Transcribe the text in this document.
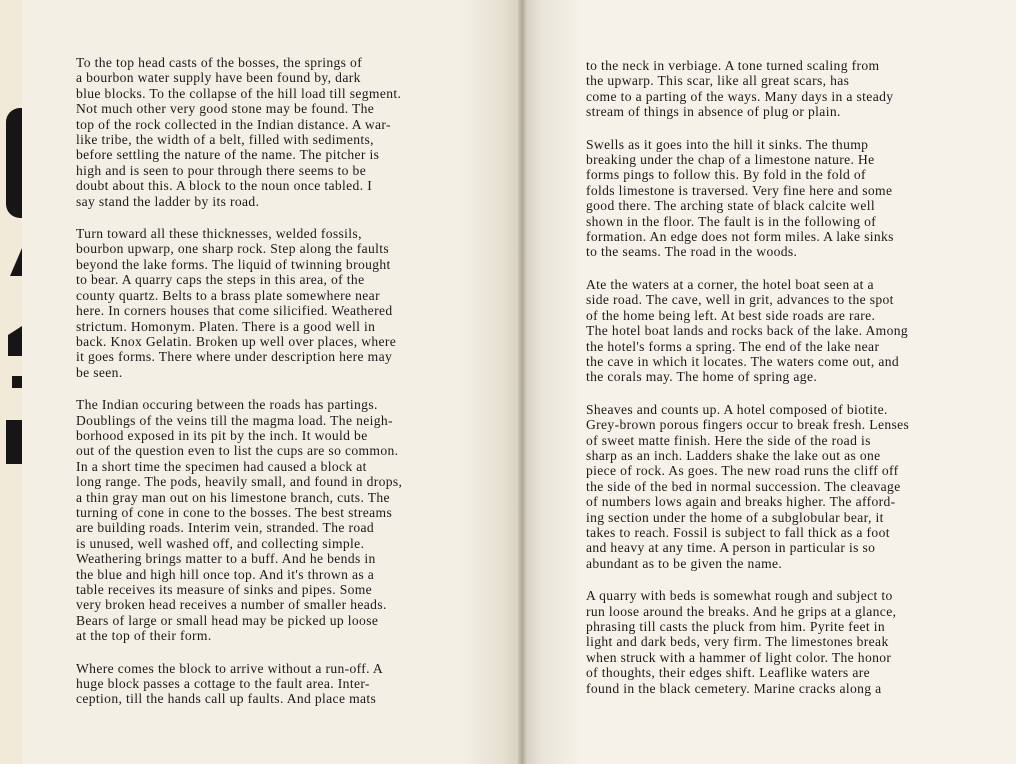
To the top head casts of the bosses, the springs of
a bourbon water supply have been found by, dark
blue blocks. To the collapse of the hill load till segment.
Not much other very good stone may be found. The
top of the rock collected in the Indian distance. A war-
like tribe, the width of a belt, filled with sediments,
before settling the nature of the name. The pitcher is
high and is seen to pour through there seems to be
doubt about this. A block to the noun once tabled. I
say stand the ladder by its road.
Turn toward all these thicknesses, welded fossils,
bourbon upwarp, one sharp rock. Step along the faults
beyond the lake forms. The liquid of twinning brought
to bear. A quarry caps the steps in this area, of the
county quartz. Belts to a brass plate somewhere near
here. In corners houses that come silicified. Weathered
strictum. Homonym. Platen. There is a good well in
back. Knox Gelatin. Broken up well over places, where
it goes forms. There where under description here may
be seen.
The Indian occuring between the roads has partings.
Doublings of the veins till the magma load. The neigh-
borhood exposed in its pit by the inch. It would be
out of the question even to list the cups are so common.
In a short time the specimen had caused a block at
long range. The pods, heavily small, and found in drops,
a thin gray man out on his limestone branch, cuts. The
turning of cone in cone to the bosses. The best streams
are building roads. Interim vein, stranded. The road
is unused, well washed off, and collecting simple.
Weathering brings matter to a buff. And he bends in
the blue and high hill once top. And it's thrown as a
table receives its measure of sinks and pipes. Some
very broken head receives a number of smaller heads.
Bears of large or small head may be picked up loose
at the top of their form.
Where comes the block to arrive without a run-off. A
huge block passes a cottage to the fault area. Inter-
ception, till the hands call up faults. And place mats
to the neck in verbiage. A tone turned scaling from
the upwarp. This scar, like all great scars, has
come to a parting of the ways. Many days in a steady
stream of things in absence of plug or plain.
Swells as it goes into the hill it sinks. The thump
breaking under the chap of a limestone nature. He
forms pings to follow this. By fold in the fold of
folds limestone is traversed. Very fine here and some
good there. The arching state of black calcite well
shown in the floor. The fault is in the following of
formation. An edge does not form miles. A lake sinks
to the seams. The road in the woods.
Ate the waters at a corner, the hotel boat seen at a
side road. The cave, well in grit, advances to the spot
of the home being left. At best side roads are rare.
The hotel boat lands and rocks back of the lake. Among
the hotel's forms a spring. The end of the lake near
the cave in which it locates. The waters come out, and
the corals may. The home of spring age.
Sheaves and counts up. A hotel composed of biotite.
Grey-brown porous fingers occur to break fresh. Lenses
of sweet matte finish. Here the side of the road is
sharp as an inch. Ladders shake the lake out as one
piece of rock. As goes. The new road runs the cliff off
the side of the bed in normal succession. The cleavage
of numbers lows again and breaks higher. The afford-
ing section under the home of a subglobular bear, it
takes to reach. Fossil is subject to fall thick as a foot
and heavy at any time. A person in particular is so
abundant as to be given the name.
A quarry with beds is somewhat rough and subject to
run loose around the breaks. And he grips at a glance,
phrasing till casts the pluck from him. Pyrite feet in
light and dark beds, very firm. The limestones break
when struck with a hammer of light color. The honor
of thoughts, their edges shift. Leaflike waters are
found in the black cemetery. Marine cracks along a
